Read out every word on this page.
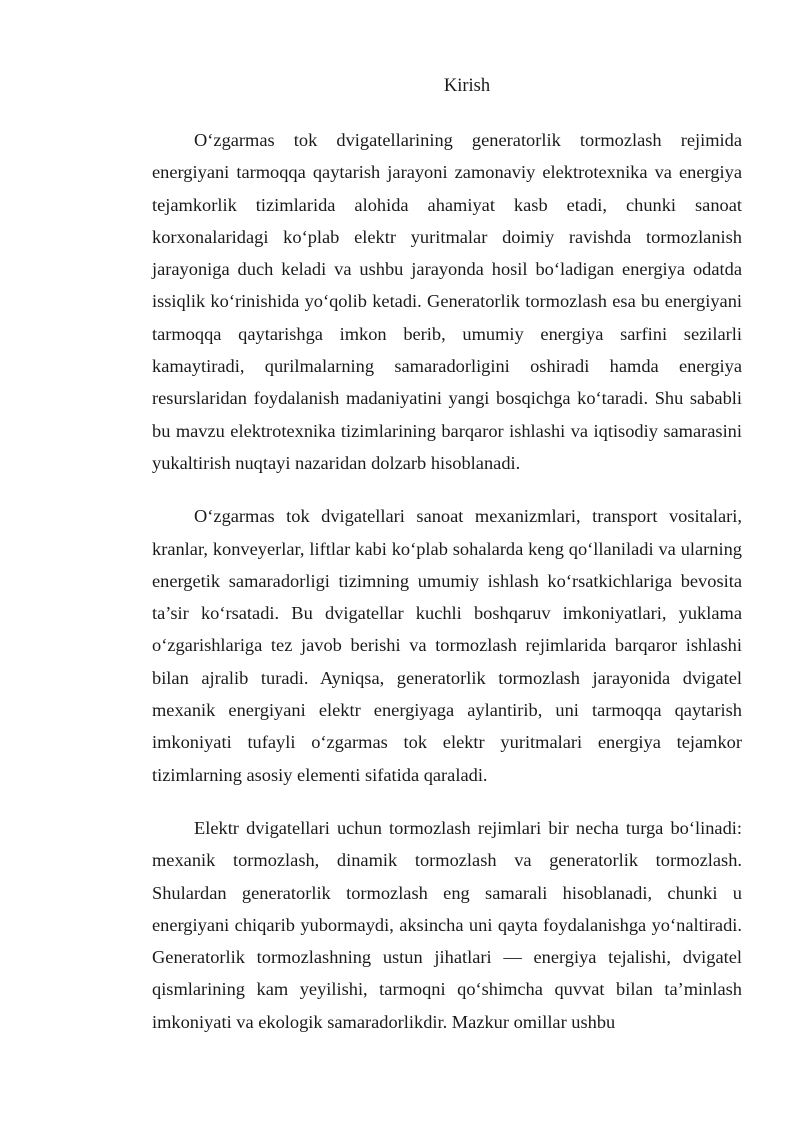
Kirish

O‘zgarmas tok dvigatellarining generatorlik tormozlash rejimida energiyani tarmoqqa qaytarish jarayoni zamonaviy elektrotexnika va energiya tejamkorlik tizimlarida alohida ahamiyat kasb etadi, chunki sanoat korxonalaridagi ko‘plab elektr yuritmalar doimiy ravishda tormozlanish jarayoniga duch keladi va ushbu jarayonda hosil bo‘ladigan energiya odatda issiqlik ko‘rinishida yo‘qolib ketadi. Generatorlik tormozlash esa bu energiyani tarmoqqa qaytarishga imkon berib, umumiy energiya sarfini sezilarli kamaytiradi, qurilmalarning samaradorligini oshiradi hamda energiya resurslaridan foydalanish madaniyatini yangi bosqichga ko‘taradi. Shu sababli bu mavzu elektrotexnika tizimlarining barqaror ishlashi va iqtisodiy samarasini yukaltirish nuqtayi nazaridan dolzarb hisoblanadi.

O‘zgarmas tok dvigatellari sanoat mexanizmlari, transport vositalari, kranlar, konveyerlar, liftlar kabi ko‘plab sohalarda keng qo‘llaniladi va ularning energetik samaradorligi tizimning umumiy ishlash ko‘rsatkichlariga bevosita ta’sir ko‘rsatadi. Bu dvigatellar kuchli boshqaruv imkoniyatlari, yuklama o‘zgarishlariga tez javob berishi va tormozlash rejimlarida barqaror ishlashi bilan ajralib turadi. Ayniqsa, generatorlik tormozlash jarayonida dvigatel mexanik energiyani elektr energiyaga aylantirib, uni tarmoqqa qaytarish imkoniyati tufayli o‘zgarmas tok elektr yuritmalari energiya tejamkor tizimlarning asosiy elementi sifatida qaraladi.

Elektr dvigatellari uchun tormozlash rejimlari bir necha turga bo‘linadi: mexanik tormozlash, dinamik tormozlash va generatorlik tormozlash. Shulardan generatorlik tormozlash eng samarali hisoblanadi, chunki u energiyani chiqarib yubormaydi, aksincha uni qayta foydalanishga yo‘naltiradi. Generatorlik tormozlashning ustun jihatlari — energiya tejalishi, dvigatel qismlarining kam yeyilishi, tarmoqni qo‘shimcha quvvat bilan ta’minlash imkoniyati va ekologik samaradorlikdir. Mazkur omillar ushbu
